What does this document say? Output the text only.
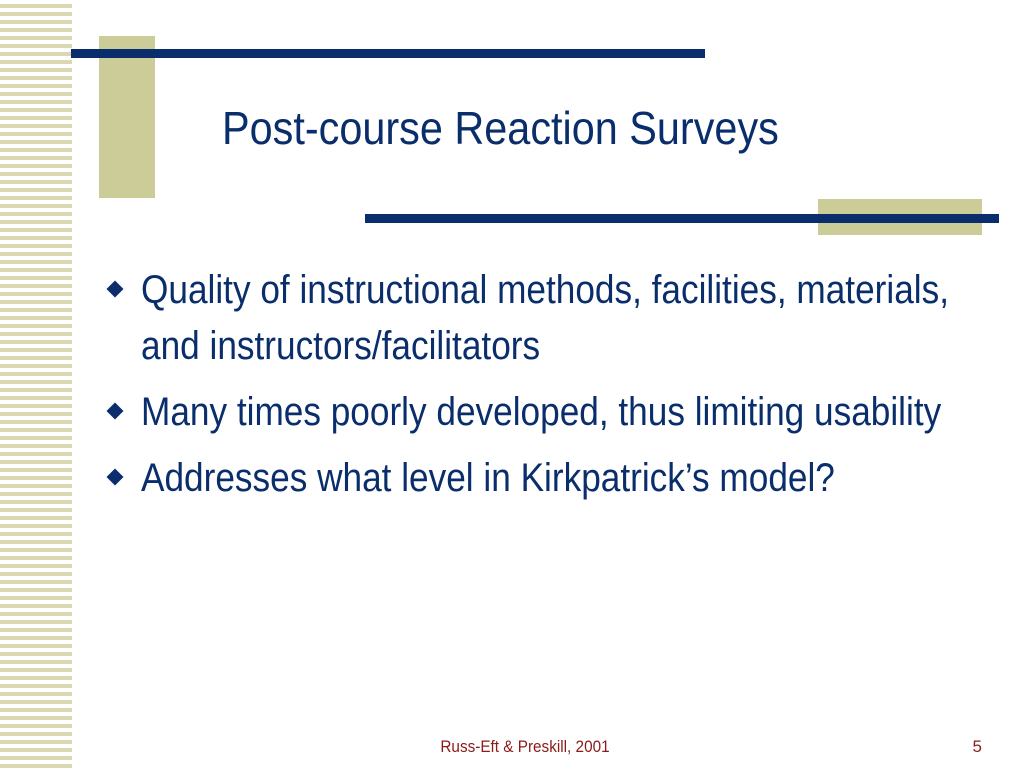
Post-course Reaction Surveys
Quality of instructional methods, facilities, materials, and instructors/facilitators
Many times poorly developed, thus limiting usability
Addresses what level in Kirkpatrick’s model?
Russ-Eft & Preskill, 2001	5
